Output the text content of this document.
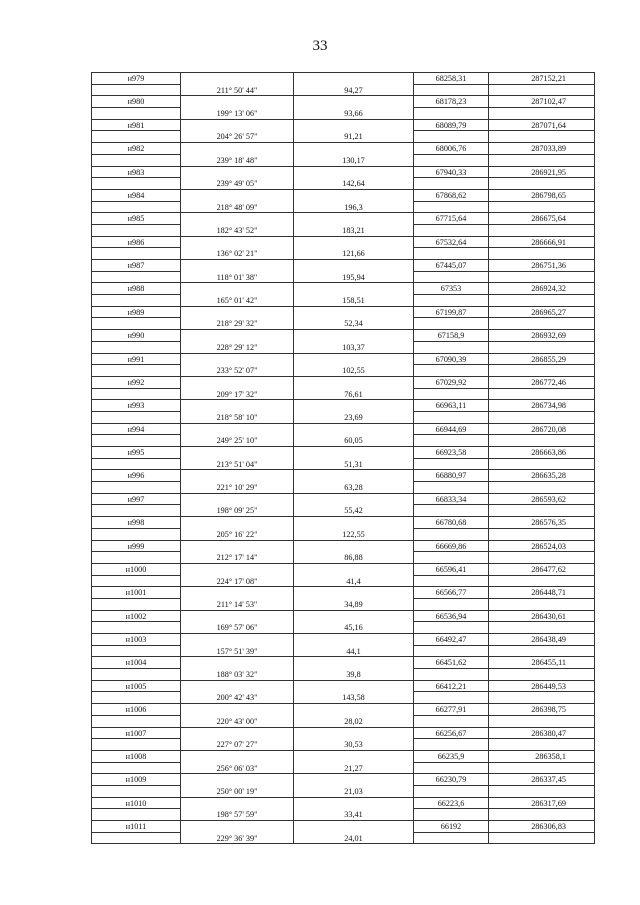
33
н979	68258,31	287152,21
211° 50' 44"	94,27
н980	68178,23	287102,47
199° 13' 06"	93,66
н981	68089,79	287071,64
204° 26' 57"	91,21
н982	68006,76	287033,89
239° 18' 48"	130,17
н983	67940,33	286921,95
239° 49' 05"	142,64
н984	67868,62	286798,65
218° 48' 09"	196,3
н985	67715,64	286675,64
182° 43' 52"	183,21
н986	67532,64	286666,91
136° 02' 21"	121,66
н987	67445,07	286751,36
118° 01' 38"	195,94
н988	67353	286924,32
165° 01' 42"	158,51
н989	67199,87	286965,27
218° 29' 32"	52,34
н990	67158,9	286932,69
228° 29' 12"	103,37
н991	67090,39	286855,29
233° 52' 07"	102,55
н992	67029,92	286772,46
209° 17' 32"	76,61
н993	66963,11	286734,98
218° 58' 10"	23,69
н994	66944,69	286720,08
249° 25' 10"	60,05
н995	66923,58	286663,86
213° 51' 04"	51,31
н996	66880,97	286635,28
221° 10' 29"	63,28
н997	66833,34	286593,62
198° 09' 25"	55,42
н998	66780,68	286576,35
205° 16' 22"	122,55
н999	66669,86	286524,03
212° 17' 14"	86,88
н1000	66596,41	286477,62
224° 17' 08"	41,4
н1001	66566,77	286448,71
211° 14' 53"	34,89
н1002	66536,94	286430,61
169° 57' 06"	45,16
н1003	66492,47	286438,49
157° 51' 39"	44,1
н1004	66451,62	286455,11
188° 03' 32"	39,8
н1005	66412,21	286449,53
200° 42' 43"	143,58
н1006	66277,91	286398,75
220° 43' 00"	28,02
н1007	66256,67	286380,47
227° 07' 27"	30,53
н1008	66235,9	286358,1
256° 06' 03"	21,27
н1009	66230,79	286337,45
250° 00' 19"	21,03
н1010	66223,6	286317,69
198° 57' 59"	33,41
н1011	66192	286306,83
229° 36' 39"	24,01
